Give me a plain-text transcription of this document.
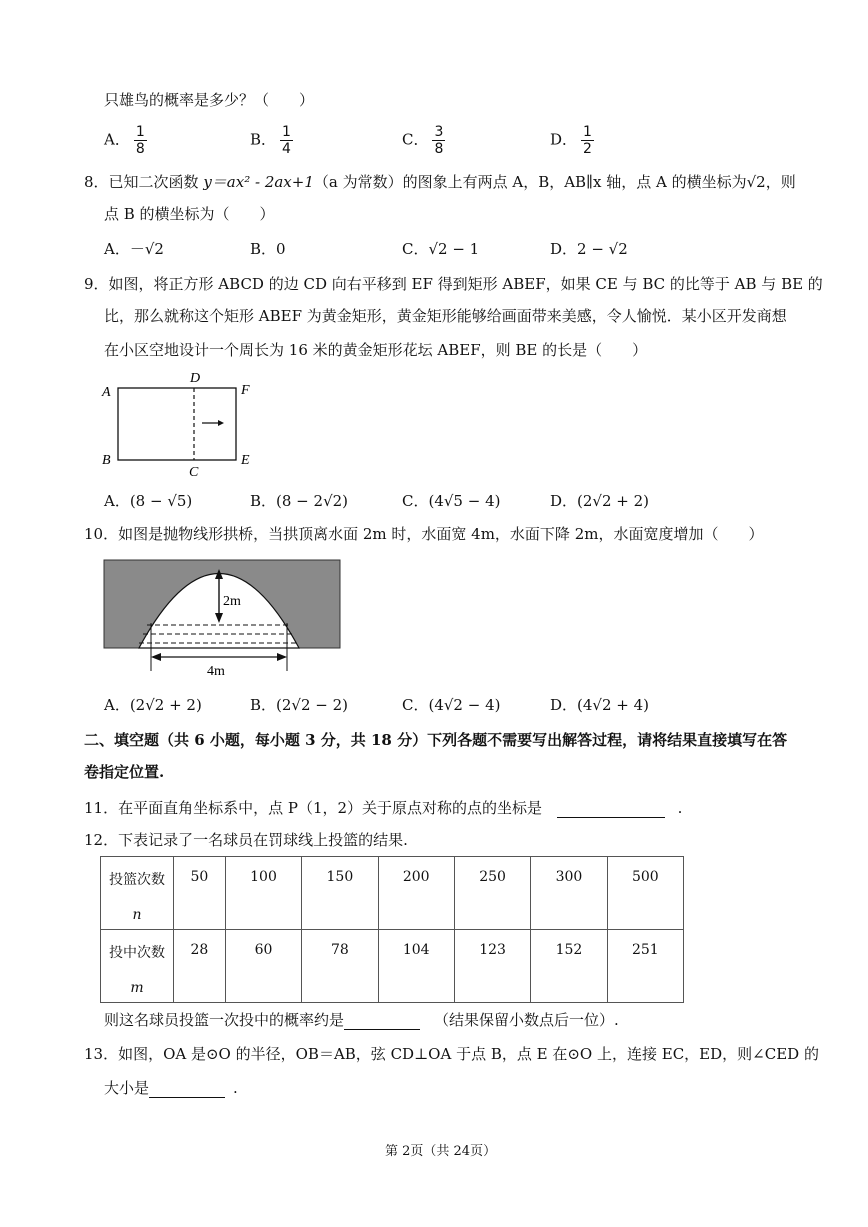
只雄鸟的概率是多少？（　　）
A． $\frac{1}{8}$	B． $\frac{1}{4}$	C． $\frac{3}{8}$	D． $\frac{1}{2}$
8．已知二次函数 y＝ax² - 2ax+1（a 为常数）的图象上有两点 A，B，AB∥x 轴，点 A 的横坐标为√2，则
点 B 的横坐标为（　　）
A．－√2	B．0	C．√2 − 1	D．2 − √2
9．如图，将正方形 ABCD 的边 CD 向右平移到 EF 得到矩形 ABEF，如果 CE 与 BC 的比等于 AB 与 BE 的
比，那么就称这个矩形 ABEF 为黄金矩形，黄金矩形能够给画面带来美感，令人愉悦．某小区开发商想
在小区空地设计一个周长为 16 米的黄金矩形花坛 ABEF，则 BE 的长是（　　）
A
D
F
B
C
E
A．(8 − √5)	B．(8 − 2√2)	C．(4√5 − 4)	D．(2√2 + 2)
10．如图是抛物线形拱桥，当拱顶离水面 2m 时，水面宽 4m，水面下降 2m，水面宽度增加（　　）
2m
4m
A．(2√2 + 2)	B．(2√2 − 2)	C．(4√2 − 4)	D．(4√2 + 4)
二、填空题（共 6 小题，每小题 3 分，共 18 分）下列各题不需要写出解答过程，请将结果直接填写在答
卷指定位置.
11．在平面直角坐标系中，点 P（1，2）关于原点对称的点的坐标是	.
12．下表记录了一名球员在罚球线上投篮的结果.
投篮次数
n	50	100	150	200	250	300	500

投中次数
m	28	60	78	104	123	152	251
则这名球员投篮一次投中的概率约是	（结果保留小数点后一位）.
13．如图，OA 是⊙O 的半径，OB＝AB，弦 CD⊥OA 于点 B，点 E 在⊙O 上，连接 EC，ED，则∠CED 的
大小是	.
第 2页（共 24页）
